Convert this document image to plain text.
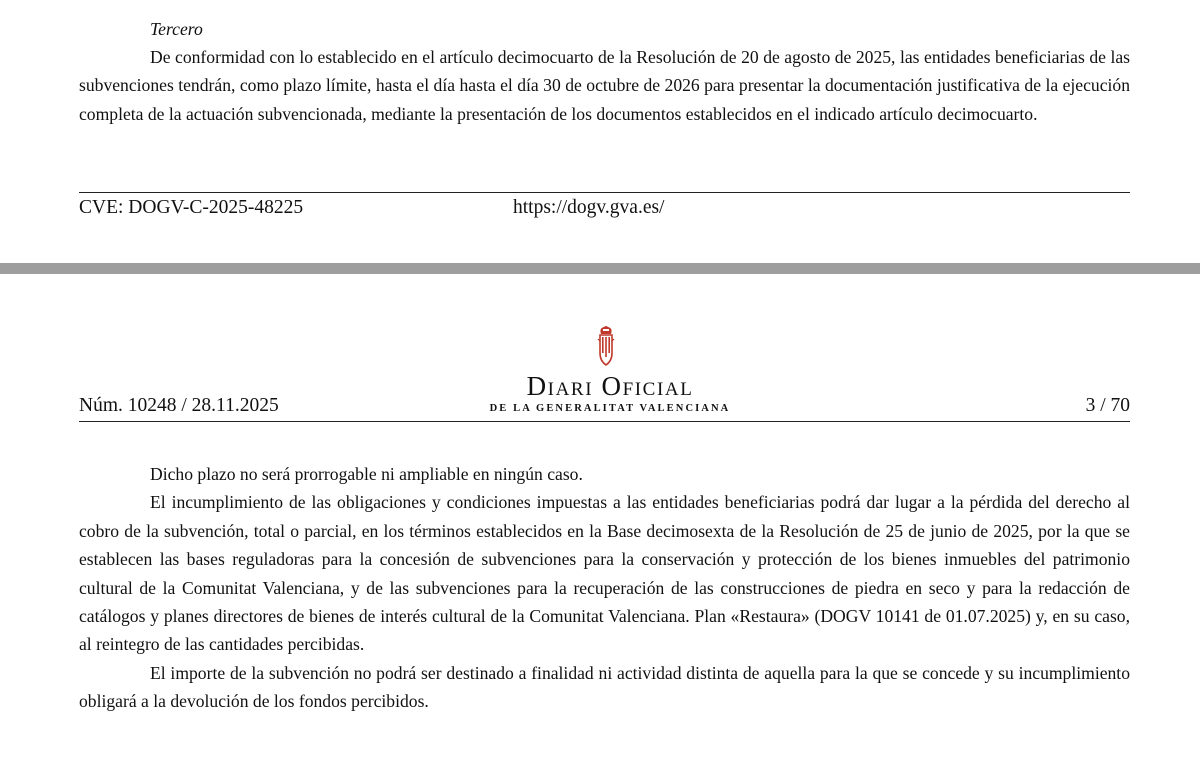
Tercero

De conformidad con lo establecido en el artículo decimocuarto de la Resolución de 20 de agosto de 2025, las entidades beneficiarias de las subvenciones tendrán, como plazo límite, hasta el día hasta el día 30 de octubre de 2026 para presentar la documentación justificativa de la ejecución completa de la actuación subvencionada, mediante la presentación de los documentos establecidos en el indicado artículo decimocuarto.

CVE: DOGV-C-2025-48225	https://dogv.gva.es/
Núm. 10248 / 28.11.2025
Diari Oficial
DE LA GENERALITAT VALENCIANA	3 / 70

Dicho plazo no será prorrogable ni ampliable en ningún caso.

El incumplimiento de las obligaciones y condiciones impuestas a las entidades beneficiarias podrá dar lugar a la pérdida del derecho al cobro de la subvención, total o parcial, en los términos establecidos en la Base decimosexta de la Resolución de 25 de junio de 2025, por la que se establecen las bases reguladoras para la concesión de subvenciones para la conservación y protección de los bienes inmuebles del patrimonio cultural de la Comunitat Valenciana, y de las subvenciones para la recuperación de las construcciones de piedra en seco y para la redacción de catálogos y planes directores de bienes de interés cultural de la Comunitat Valenciana. Plan «Restaura» (DOGV 10141 de 01.07.2025) y, en su caso, al reintegro de las cantidades percibidas.

El importe de la subvención no podrá ser destinado a finalidad ni actividad distinta de aquella para la que se concede y su incumplimiento obligará a la devolución de los fondos percibidos.
